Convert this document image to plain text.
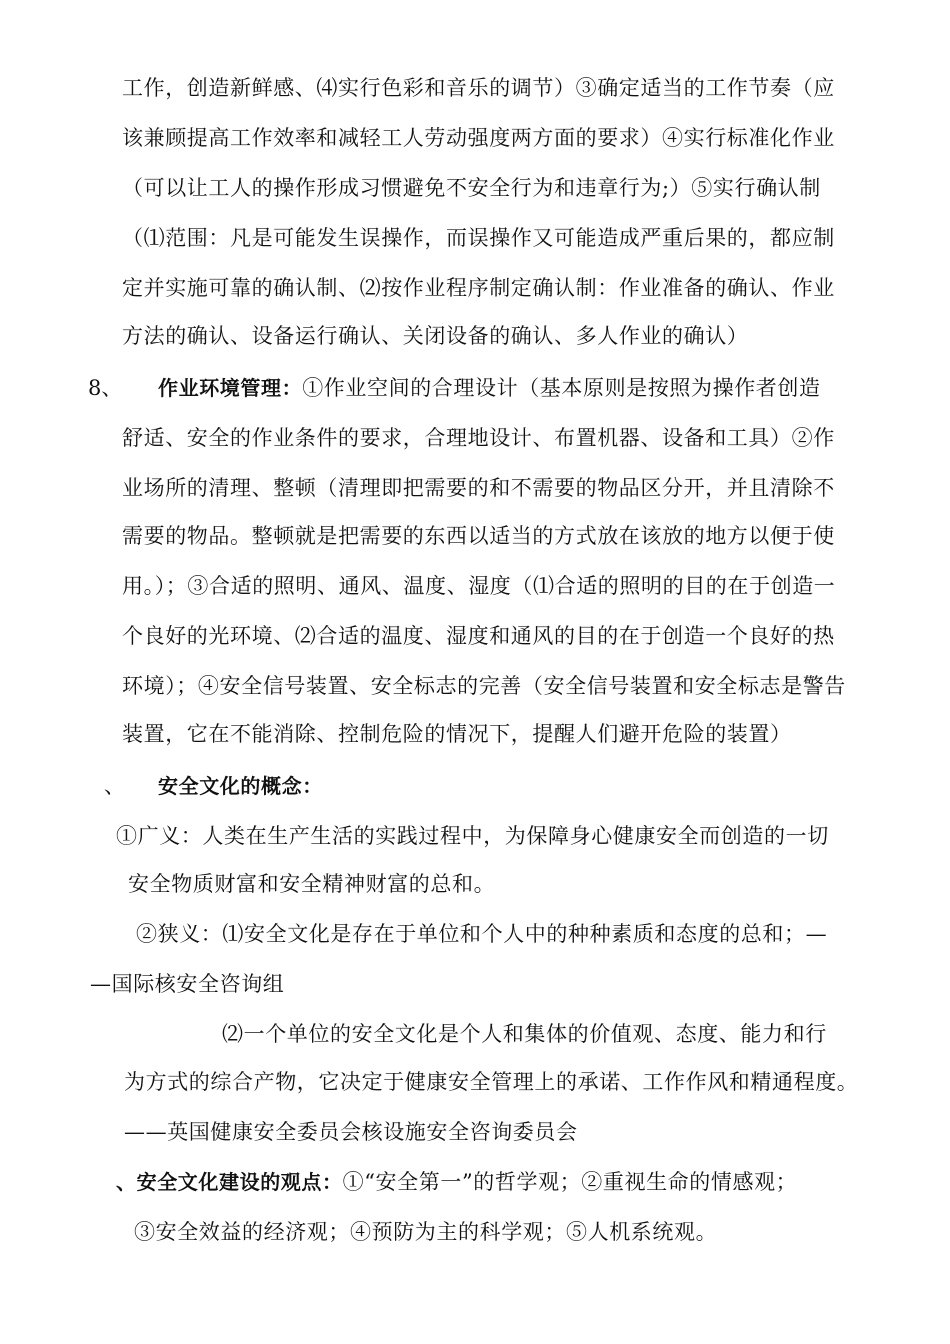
工作，创造新鲜感、⑷实行色彩和音乐的调节）③确定适当的工作节奏（应
该兼顾提高工作效率和减轻工人劳动强度两方面的要求）④实行标准化作业
（可以让工人的操作形成习惯避免不安全行为和违章行为;）⑤实行确认制
（⑴范围：凡是可能发生误操作，而误操作又可能造成严重后果的，都应制
定并实施可靠的确认制、⑵按作业程序制定确认制：作业准备的确认、作业
方法的确认、设备运行确认、关闭设备的确认、多人作业的确认）
8、 作业环境管理：①作业空间的合理设计（基本原则是按照为操作者创造
舒适、安全的作业条件的要求，合理地设计、布置机器、设备和工具）②作
业场所的清理、整顿（清理即把需要的和不需要的物品区分开，并且清除不
需要的物品。整顿就是把需要的东西以适当的方式放在该放的地方以便于使
用。）；③合适的照明、通风、温度、湿度（⑴合适的照明的目的在于创造一
个良好的光环境、⑵合适的温度、湿度和通风的目的在于创造一个良好的热
环境）；④安全信号装置、安全标志的完善（安全信号装置和安全标志是警告
装置，它在不能消除、控制危险的情况下，提醒人们避开危险的装置）
、 安全文化的概念：
①广义：人类在生产生活的实践过程中，为保障身心健康安全而创造的一切
安全物质财富和安全精神财富的总和。
②狭义：⑴安全文化是存在于单位和个人中的种种素质和态度的总和；—
—国际核安全咨询组
⑵一个单位的安全文化是个人和集体的价值观、态度、能力和行
为方式的综合产物，它决定于健康安全管理上的承诺、工作作风和精通程度。
——英国健康安全委员会核设施安全咨询委员会
、安全文化建设的观点：①“安全第一”的哲学观；②重视生命的情感观；
③安全效益的经济观；④预防为主的科学观；⑤人机系统观。
